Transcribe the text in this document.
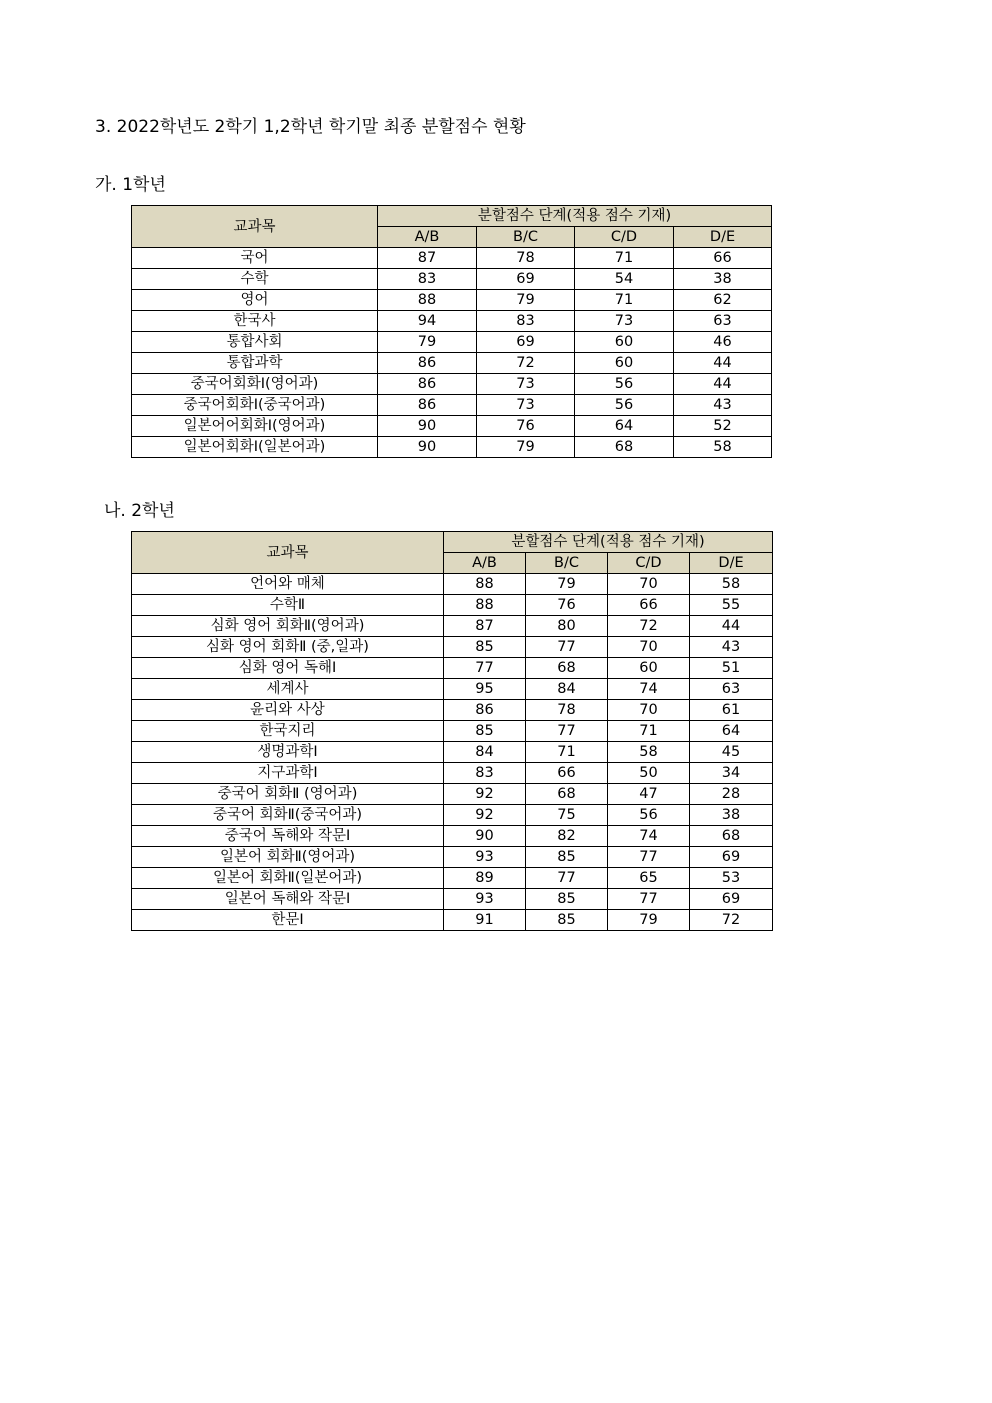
3. 2022학년도 2학기 1,2학년 학기말 최종 분할점수 현황
가. 1학년
교과목	분할점수 단계(적용 점수 기재)			
	A/B	B/C	C/D	D/E
국어	87	78	71	66
수학	83	69	54	38
영어	88	79	71	62
한국사	94	83	73	63
통합사회	79	69	60	46
통합과학	86	72	60	44
중국어회화Ⅰ(영어과)	86	73	56	44
중국어회화Ⅰ(중국어과)	86	73	56	43
일본어어회화Ⅰ(영어과)	90	76	64	52
일본어회화Ⅰ(일본어과)	90	79	68	58
나. 2학년
교과목	분할점수 단계(적용 점수 기재)			
	A/B	B/C	C/D	D/E
언어와 매체	88	79	70	58
수학Ⅱ	88	76	66	55
심화 영어 회화Ⅱ(영어과)	87	80	72	44
심화 영어 회화Ⅱ (중,일과)	85	77	70	43
심화 영어 독해Ⅰ	77	68	60	51
세계사	95	84	74	63
윤리와 사상	86	78	70	61
한국지리	85	77	71	64
생명과학Ⅰ	84	71	58	45
지구과학Ⅰ	83	66	50	34
중국어 회화Ⅱ (영어과)	92	68	47	28
중국어 회화Ⅱ(중국어과)	92	75	56	38
중국어 독해와 작문Ⅰ	90	82	74	68
일본어 회화Ⅱ(영어과)	93	85	77	69
일본어 회화Ⅱ(일본어과)	89	77	65	53
일본어 독해와 작문Ⅰ	93	85	77	69
한문Ⅰ	91	85	79	72
